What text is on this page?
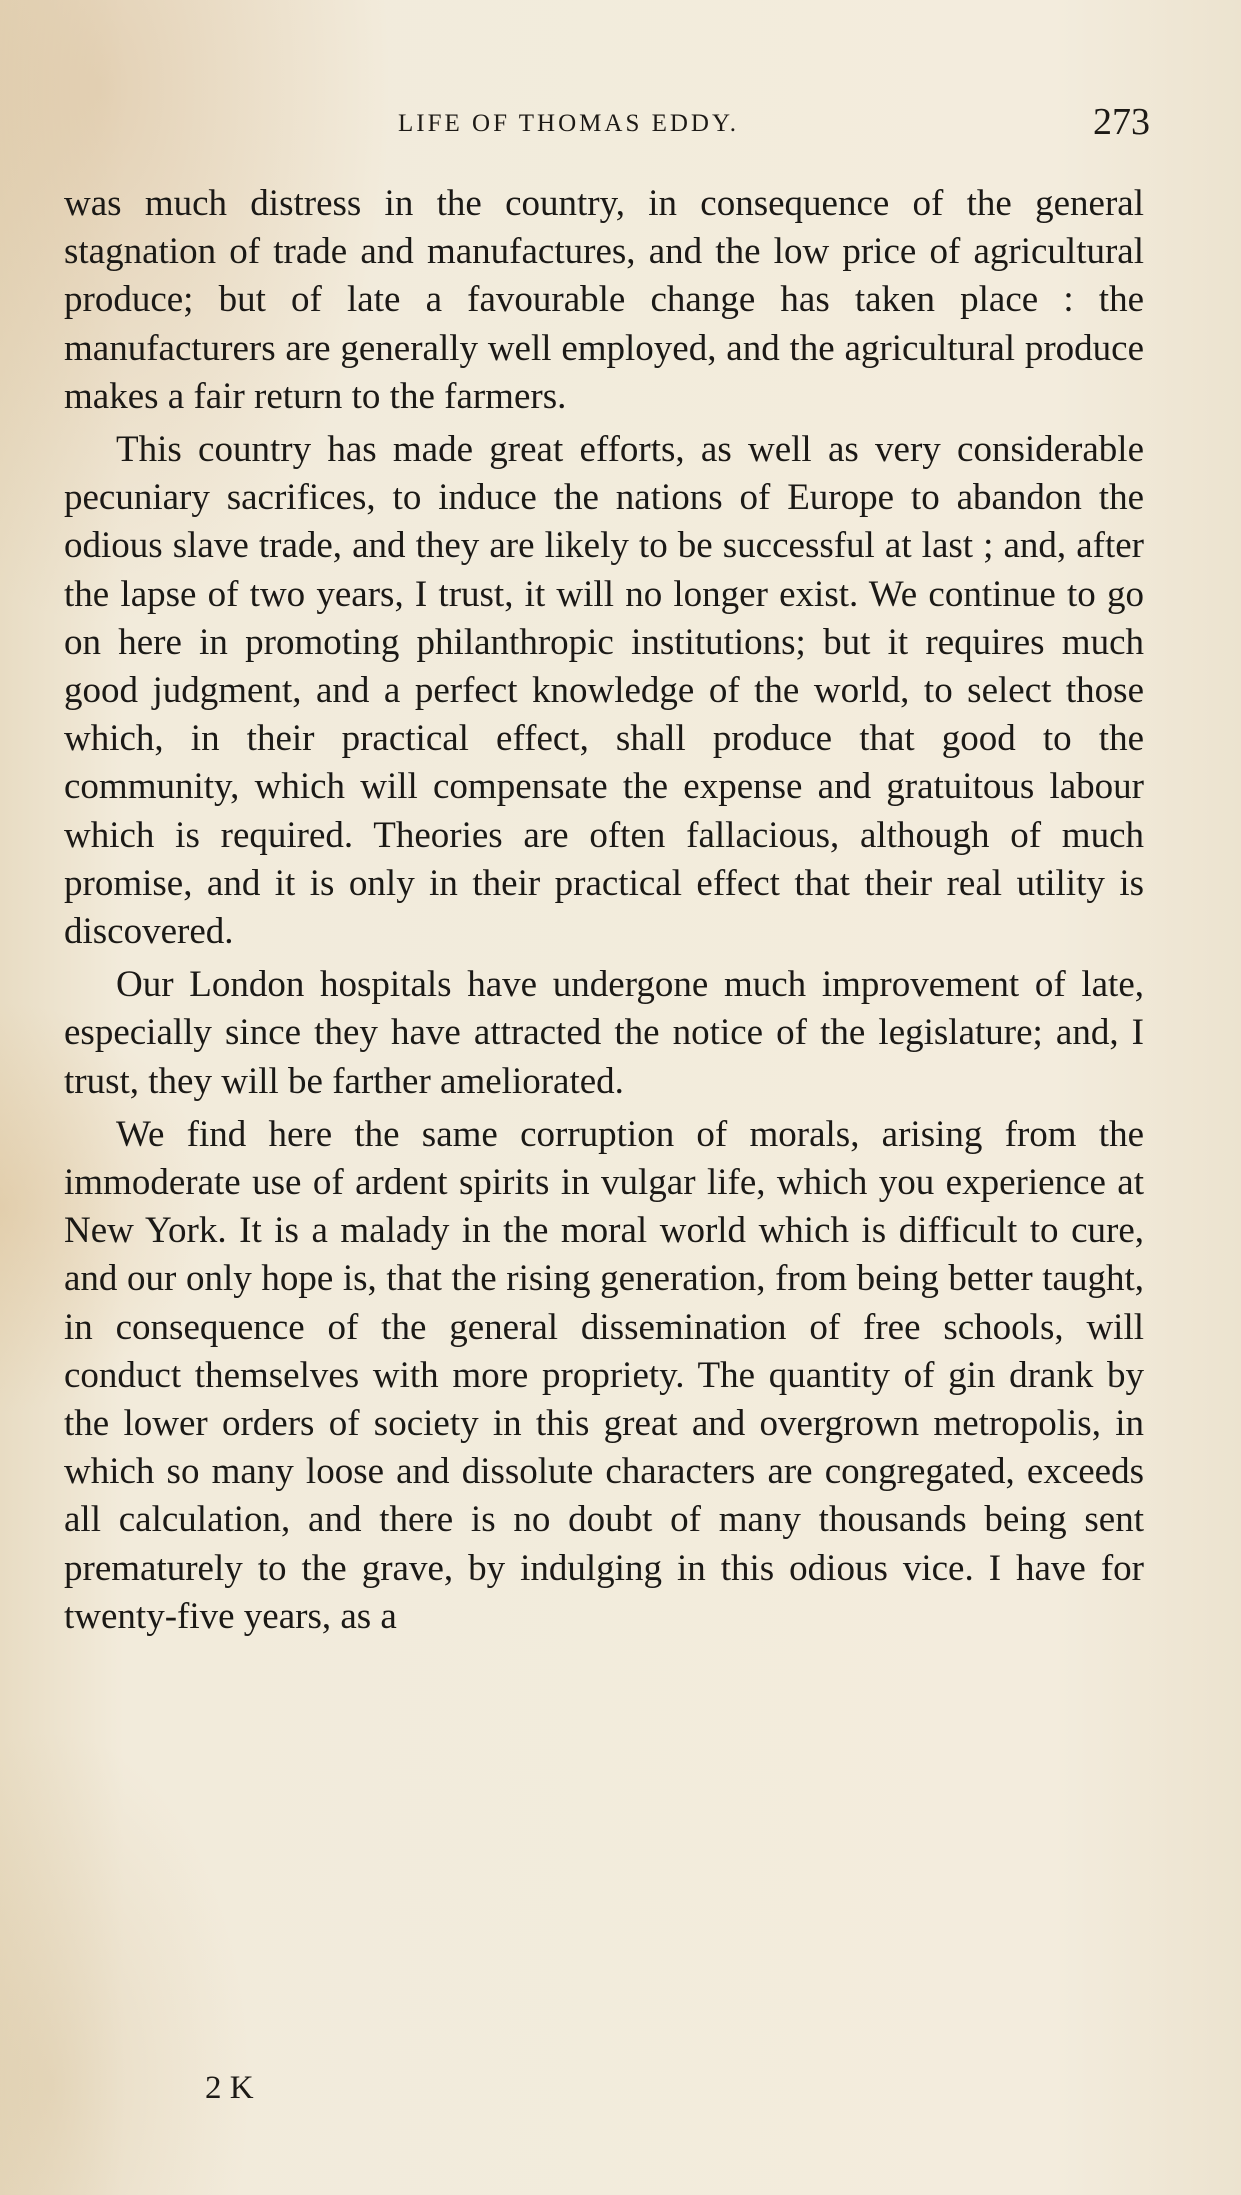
LIFE OF THOMAS EDDY.	273

was much distress in the country, in consequence of the general stagnation of trade and manufactures, and the low price of agricultural produce; but of late a favourable change has taken place : the manufacturers are generally well employed, and the agricultural produce makes a fair return to the farmers.

This country has made great efforts, as well as very considerable pecuniary sacrifices, to induce the nations of Europe to abandon the odious slave trade, and they are likely to be successful at last ; and, after the lapse of two years, I trust, it will no longer exist. We continue to go on here in promoting philanthropic institutions; but it requires much good judgment, and a perfect knowledge of the world, to select those which, in their practical effect, shall produce that good to the community, which will compensate the expense and gratuitous labour which is required. Theories are often fallacious, although of much promise, and it is only in their practical effect that their real utility is discovered.

Our London hospitals have undergone much improvement of late, especially since they have attracted the notice of the legislature; and, I trust, they will be farther ameliorated.

We find here the same corruption of morals, arising from the immoderate use of ardent spirits in vulgar life, which you experience at New York. It is a malady in the moral world which is difficult to cure, and our only hope is, that the rising generation, from being better taught, in consequence of the general dissemination of free schools, will conduct themselves with more propriety. The quantity of gin drank by the lower orders of society in this great and overgrown metropolis, in which so many loose and dissolute characters are congregated, exceeds all calculation, and there is no doubt of many thousands being sent prematurely to the grave, by indulging in this odious vice. I have for twenty-five years, as a

2 K
